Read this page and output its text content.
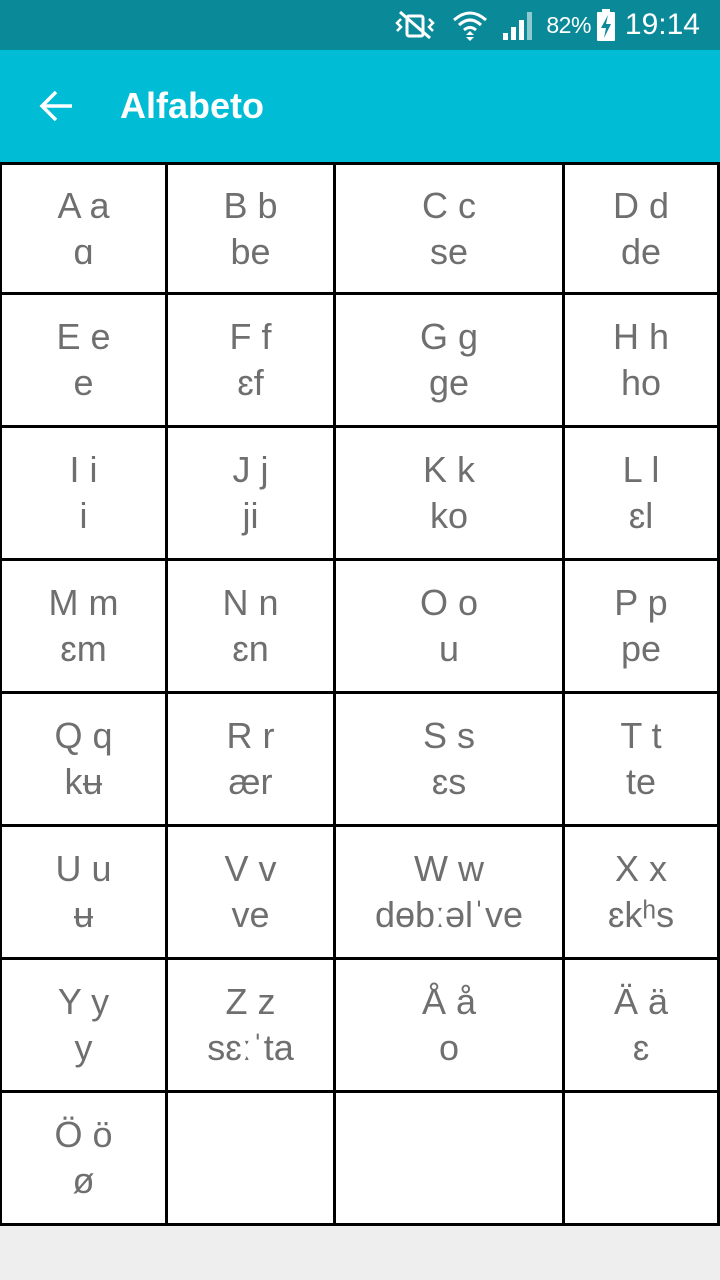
82% 19:14
Alfabeto
A a
ɑ
B b
be
C c
se
D d
de
E e
e
F f
ɛf
G g
ge
H h
ho
I i
i
J j
ji
K k
ko
L l
ɛl
M m
ɛm
N n
ɛn
O o
u
P p
pe
Q q
kʉ
R r
ær
S s
ɛs
T t
te
U u
ʉ
V v
ve
W w
dɵbːəlˈve
X x
ɛkʰs
Y y
y
Z z
sɛːˈta
Å å
o
Ä ä
ɛ
Ö ö
ø
